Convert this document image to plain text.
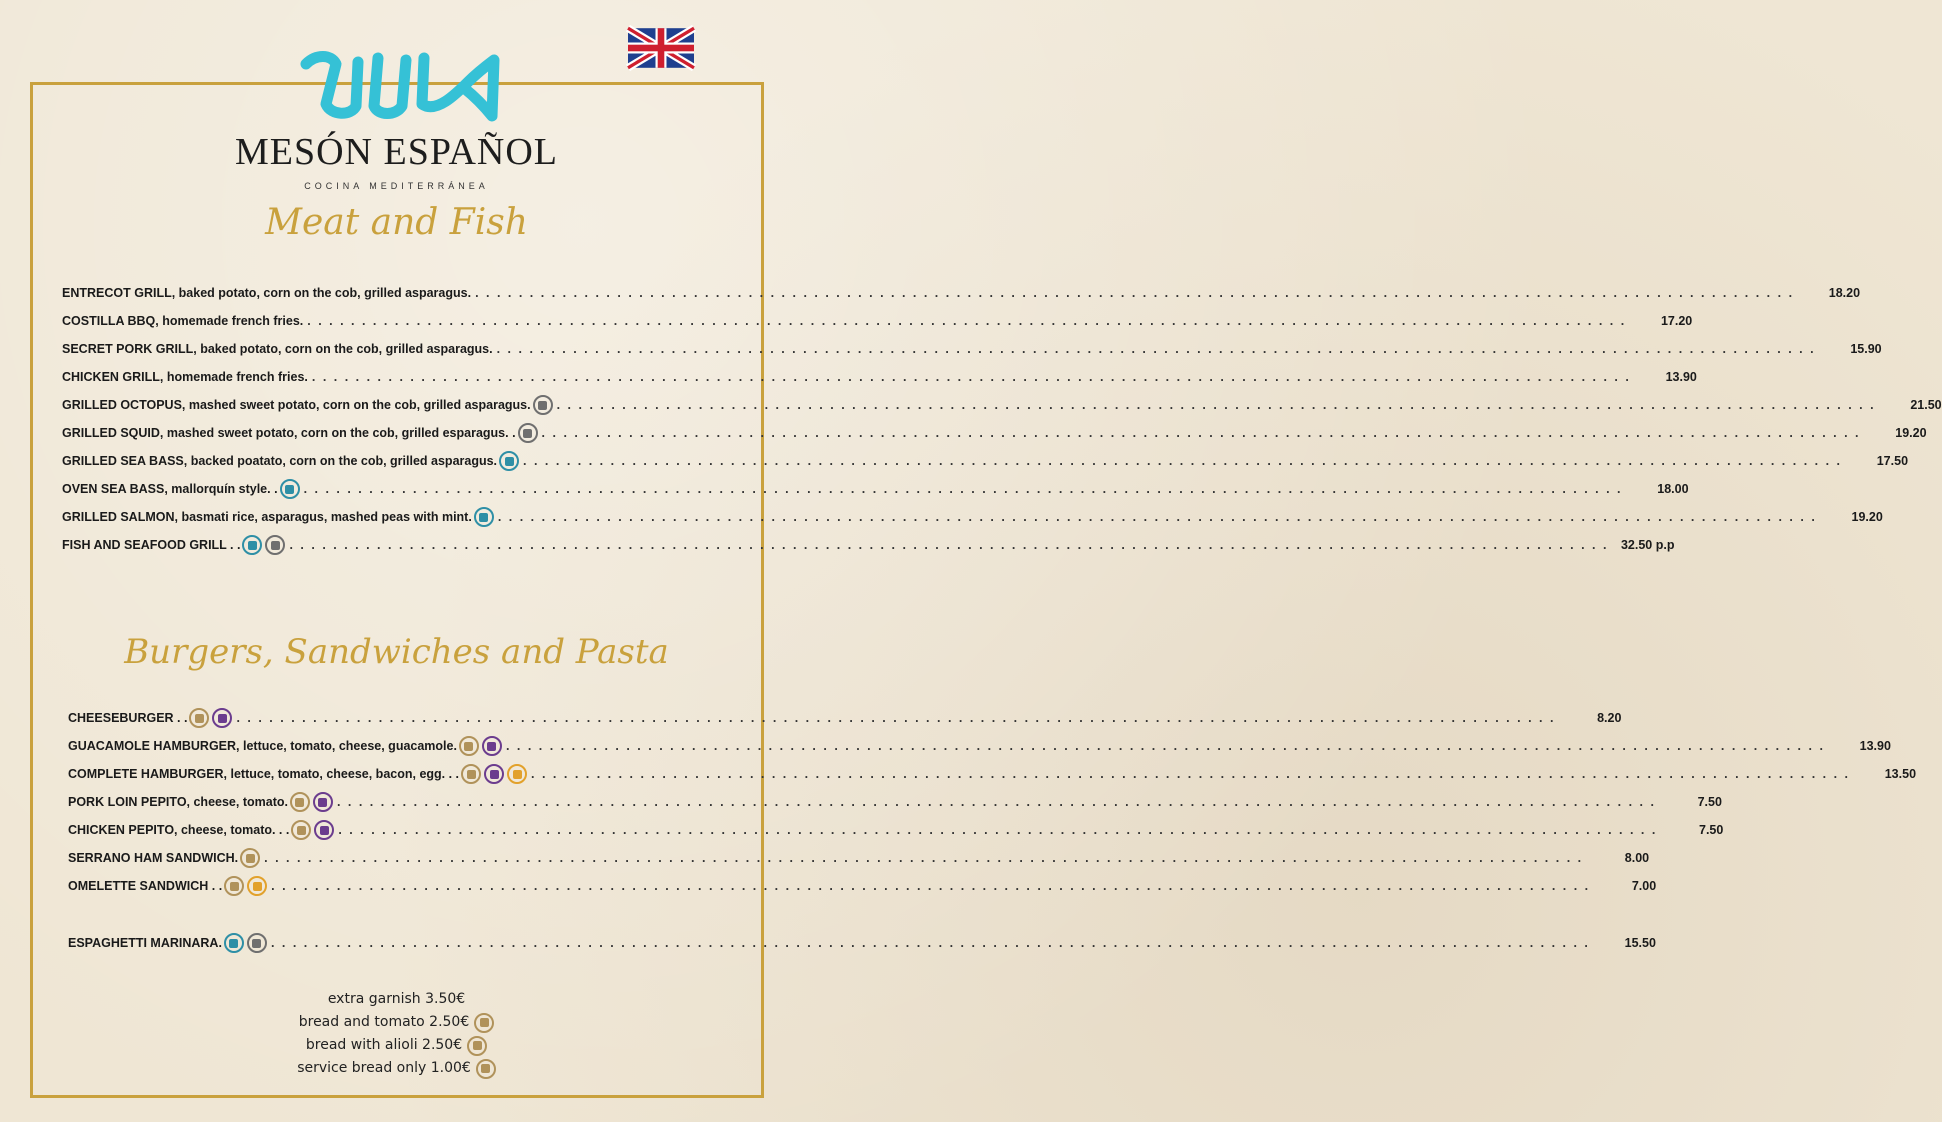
MESÓN ESPAÑOL
COCINA MEDITERRÁNEA
Meat and Fish
ENTRECOT GRILL, baked potato, corn on the cob, grilled asparagus. . . . . . . . . . . . . . . . . . . . . . . . . . . . . . . . . . . . . . . . . . . . . . . . . . . . . . . . . . . . . . . . . . . . . . . . . . . . . . . . . . . . . . . . . . . . . . . . . . . . . . . . . . . . . . . . . . . . . . . . . .	18.20
COSTILLA BBQ, homemade french fries. . . . . . . . . . . . . . . . . . . . . . . . . . . . . . . . . . . . . . . . . . . . . . . . . . . . . . . . . . . . . . . . . . . . . . . . . . . . . . . . . . . . . . . . . . . . . . . . . . . . . . . . . . . . . . . . . . . . . . . . . .	17.20
SECRET PORK GRILL, baked potato, corn on the cob, grilled asparagus. . . . . . . . . . . . . . . . . . . . . . . . . . . . . . . . . . . . . . . . . . . . . . . . . . . . . . . . . . . . . . . . . . . . . . . . . . . . . . . . . . . . . . . . . . . . . . . . . . . . . . . . . . . . . . . . . . . . . . . . . .	15.90
CHICKEN GRILL, homemade french fries. . . . . . . . . . . . . . . . . . . . . . . . . . . . . . . . . . . . . . . . . . . . . . . . . . . . . . . . . . . . . . . . . . . . . . . . . . . . . . . . . . . . . . . . . . . . . . . . . . . . . . . . . . . . . . . . . . . . . . . . . .	13.90
GRILLED OCTOPUS, mashed sweet potato, corn on the cob, grilled asparagus. . . . . . . . . . . . . . . . . . . . . . . . . . . . . . . . . . . . . . . . . . . . . . . . . . . . . . . . . . . . . . . . . . . . . . . . . . . . . . . . . . . . . . . . . . . . . . . . . . . . . . . . . . . . . . . . . . . . . . . . . .	21.50
GRILLED SQUID, mashed sweet potato, corn on the cob, grilled esparagus. . . . . . . . . . . . . . . . . . . . . . . . . . . . . . . . . . . . . . . . . . . . . . . . . . . . . . . . . . . . . . . . . . . . . . . . . . . . . . . . . . . . . . . . . . . . . . . . . . . . . . . . . . . . . . . . . . . . . . . . . . .	19.20
GRILLED SEA BASS, backed poatato, corn on the cob, grilled asparagus. . . . . . . . . . . . . . . . . . . . . . . . . . . . . . . . . . . . . . . . . . . . . . . . . . . . . . . . . . . . . . . . . . . . . . . . . . . . . . . . . . . . . . . . . . . . . . . . . . . . . . . . . . . . . . . . . . . . . . . . . .	17.50
OVEN SEA BASS, mallorquín style. . . . . . . . . . . . . . . . . . . . . . . . . . . . . . . . . . . . . . . . . . . . . . . . . . . . . . . . . . . . . . . . . . . . . . . . . . . . . . . . . . . . . . . . . . . . . . . . . . . . . . . . . . . . . . . . . . . . . . . . . . .	18.00
GRILLED SALMON, basmati rice, asparagus, mashed peas with mint. . . . . . . . . . . . . . . . . . . . . . . . . . . . . . . . . . . . . . . . . . . . . . . . . . . . . . . . . . . . . . . . . . . . . . . . . . . . . . . . . . . . . . . . . . . . . . . . . . . . . . . . . . . . . . . . . . . . . . . . . .	19.20
FISH AND SEAFOOD GRILL . .	. . . . . . . . . . . . . . . . . . . . . . . . . . . . . . . . . . . . . . . . . . . . . . . . . . . . . . . . . . . . . . . . . . . . . . . . . . . . . . . . . . . . . . . . . . . . . . . . . . . . . . . . . . . . . . . . . . . . . . . . .	32.50 p.p
Burgers, Sandwiches and Pasta
CHEESEBURGER . .	. . . . . . . . . . . . . . . . . . . . . . . . . . . . . . . . . . . . . . . . . . . . . . . . . . . . . . . . . . . . . . . . . . . . . . . . . . . . . . . . . . . . . . . . . . . . . . . . . . . . . . . . . . . . . . . . . . . . . . . . .	8.20
GUACAMOLE HAMBURGER, lettuce, tomato, cheese, guacamole.	. . . . . . . . . . . . . . . . . . . . . . . . . . . . . . . . . . . . . . . . . . . . . . . . . . . . . . . . . . . . . . . . . . . . . . . . . . . . . . . . . . . . . . . . . . . . . . . . . . . . . . . . . . . . . . . . . . . . . . . . .	13.90
COMPLETE HAMBURGER, lettuce, tomato, cheese, bacon, egg. . .	. . . . . . . . . . . . . . . . . . . . . . . . . . . . . . . . . . . . . . . . . . . . . . . . . . . . . . . . . . . . . . . . . . . . . . . . . . . . . . . . . . . . . . . . . . . . . . . . . . . . . . . . . . . . . . . . . . . . . . . . .	13.50
PORK LOIN PEPITO, cheese, tomato.	. . . . . . . . . . . . . . . . . . . . . . . . . . . . . . . . . . . . . . . . . . . . . . . . . . . . . . . . . . . . . . . . . . . . . . . . . . . . . . . . . . . . . . . . . . . . . . . . . . . . . . . . . . . . . . . . . . . . . . . . .	7.50
CHICKEN PEPITO, cheese, tomato. . .	. . . . . . . . . . . . . . . . . . . . . . . . . . . . . . . . . . . . . . . . . . . . . . . . . . . . . . . . . . . . . . . . . . . . . . . . . . . . . . . . . . . . . . . . . . . . . . . . . . . . . . . . . . . . . . . . . . . . . . . . .	7.50
SERRANO HAM SANDWICH. . . . . . . . . . . . . . . . . . . . . . . . . . . . . . . . . . . . . . . . . . . . . . . . . . . . . . . . . . . . . . . . . . . . . . . . . . . . . . . . . . . . . . . . . . . . . . . . . . . . . . . . . . . . . . . . . . . . . . . . . .	8.00
OMELETTE SANDWICH . .	. . . . . . . . . . . . . . . . . . . . . . . . . . . . . . . . . . . . . . . . . . . . . . . . . . . . . . . . . . . . . . . . . . . . . . . . . . . . . . . . . . . . . . . . . . . . . . . . . . . . . . . . . . . . . . . . . . . . . . . . .	7.00
ESPAGHETTI MARINARA.	. . . . . . . . . . . . . . . . . . . . . . . . . . . . . . . . . . . . . . . . . . . . . . . . . . . . . . . . . . . . . . . . . . . . . . . . . . . . . . . . . . . . . . . . . . . . . . . . . . . . . . . . . . . . . . . . . . . . . . . . .	15.50
extra garnish 3.50€
bread and tomato 2.50€
bread with alioli 2.50€
service bread only 1.00€
